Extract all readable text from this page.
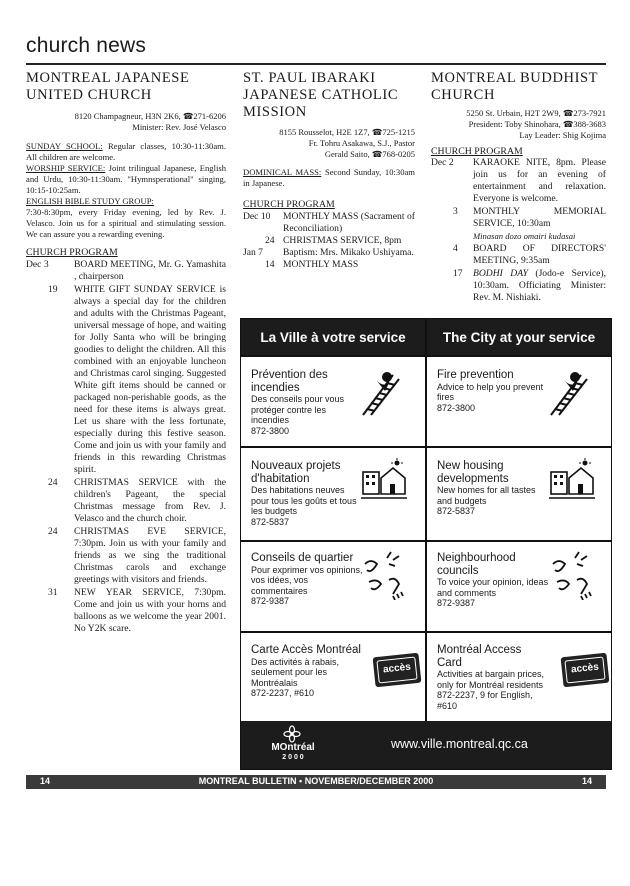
church news
MONTREAL JAPANESE
UNITED CHURCH
8120 Champagneur, H3N 2K6, ☎271-6206
Minister: Rev. José Velasco
SUNDAY SCHOOL: Regular classes, 10:30-11:30am. All children are welcome.
WORSHIP SERVICE: Joint trilingual Japanese, English and Urdu, 10:30-11:30am. "Hymnsperational" singing, 10:15-10:25am.
ENGLISH BIBLE STUDY GROUP:
7:30-8:30pm, every Friday evening, led by Rev. J. Velasco. Join us for a spiritual and stimulating session. We can assure you a rewarding evening.
CHURCH PROGRAM
Dec 3	BOARD MEETING, Mr. G. Yamashita , chairperson
19 WHITE GIFT SUNDAY SERVICE is always a special day for the children and adults with the Christmas Pageant, universal message of hope, and waiting for Jolly Santa who will be bringing goodies to delight the children. All this combined with an enjoyable luncheon and Christmas carol singing. Suggested White gift items should be canned or packaged non-perishable goods, as the need for these items is always great. Let us share with the less fortunate, especially during this festive season. Come and join us with your family and friends in this rewarding Christmas spirit.
24 CHRISTMAS SERVICE with the children's Pageant, the special Christmas message from Rev. J. Velasco and the church choir.
24 CHRISTMAS EVE SERVICE, 7:30pm. Join us with your family and friends as we sing the traditional Christmas carols and exchange greetings with visitors and friends.
31 NEW YEAR SERVICE, 7:30pm. Come and join us with your horns and balloons as we welcome the year 2001. No Y2K scare.
ST. PAUL IBARAKI
JAPANESE CATHOLIC
MISSION
8155 Rousselot, H2E 1Z7, ☎725-1215
Fr. Tohru Asakawa, S.J., Pastor
Gerald Saito, ☎768-0205
DOMINICAL MASS: Second Sunday, 10:30am in Japanese.
CHURCH PROGRAM
Dec 10 MONTHLY MASS (Sacrament of Reconciliation)
24 CHRISTMAS SERVICE, 8pm
Jan 7 Baptism: Mrs. Mikako Ushiyama.
14 MONTHLY MASS
MONTREAL BUDDHIST
CHURCH
5250 St. Urbain, H2T 2W9, ☎273-7921
President: Toby Shinohara, ☎388-3683
Lay Leader: Shig Kojima
CHURCH PROGRAM
Dec 2 KARAOKE NITE, 8pm. Please join us for an evening of entertainment and relaxation. Everyone is welcome.
3 MONTHLY MEMORIAL SERVICE, 10:30am
Minasan dozo omairi kudasai
4 BOARD OF DIRECTORS' MEETING, 9:35am
17 BODHI DAY (Jodo-e Service), 10:30am. Officiating Minister: Rev. M. Nishiaki.
La Ville à votre service	The City at your service
Prévention des incendies
Des conseils pour vous protéger contre les incendies
872-3800
Nouveaux projets d'habitation
Des habitations neuves pour tous les goûts et tous les budgets
872-5837
Conseils de quartier
Pour exprimer vos opinions, vos idées, vos commentaires
872-9387
Carte Accès Montréal
Des activités à rabais, seulement pour les Montréalais
872-2237, #610
accès
Fire prevention
Advice to help you prevent fires
872-3800
New housing developments
New homes for all tastes and budgets
872-5837
Neighbourhood councils
To voice your opinion, ideas and comments
872-9387
Montréal Access Card
Activities at bargain prices, only for Montréal residents
872-2237, 9 for English, #610
accès
MOntréal
2 0 0 0
www.ville.montreal.qc.ca
14	MONTREAL BULLETIN • NOVEMBER/DECEMBER 2000	14
